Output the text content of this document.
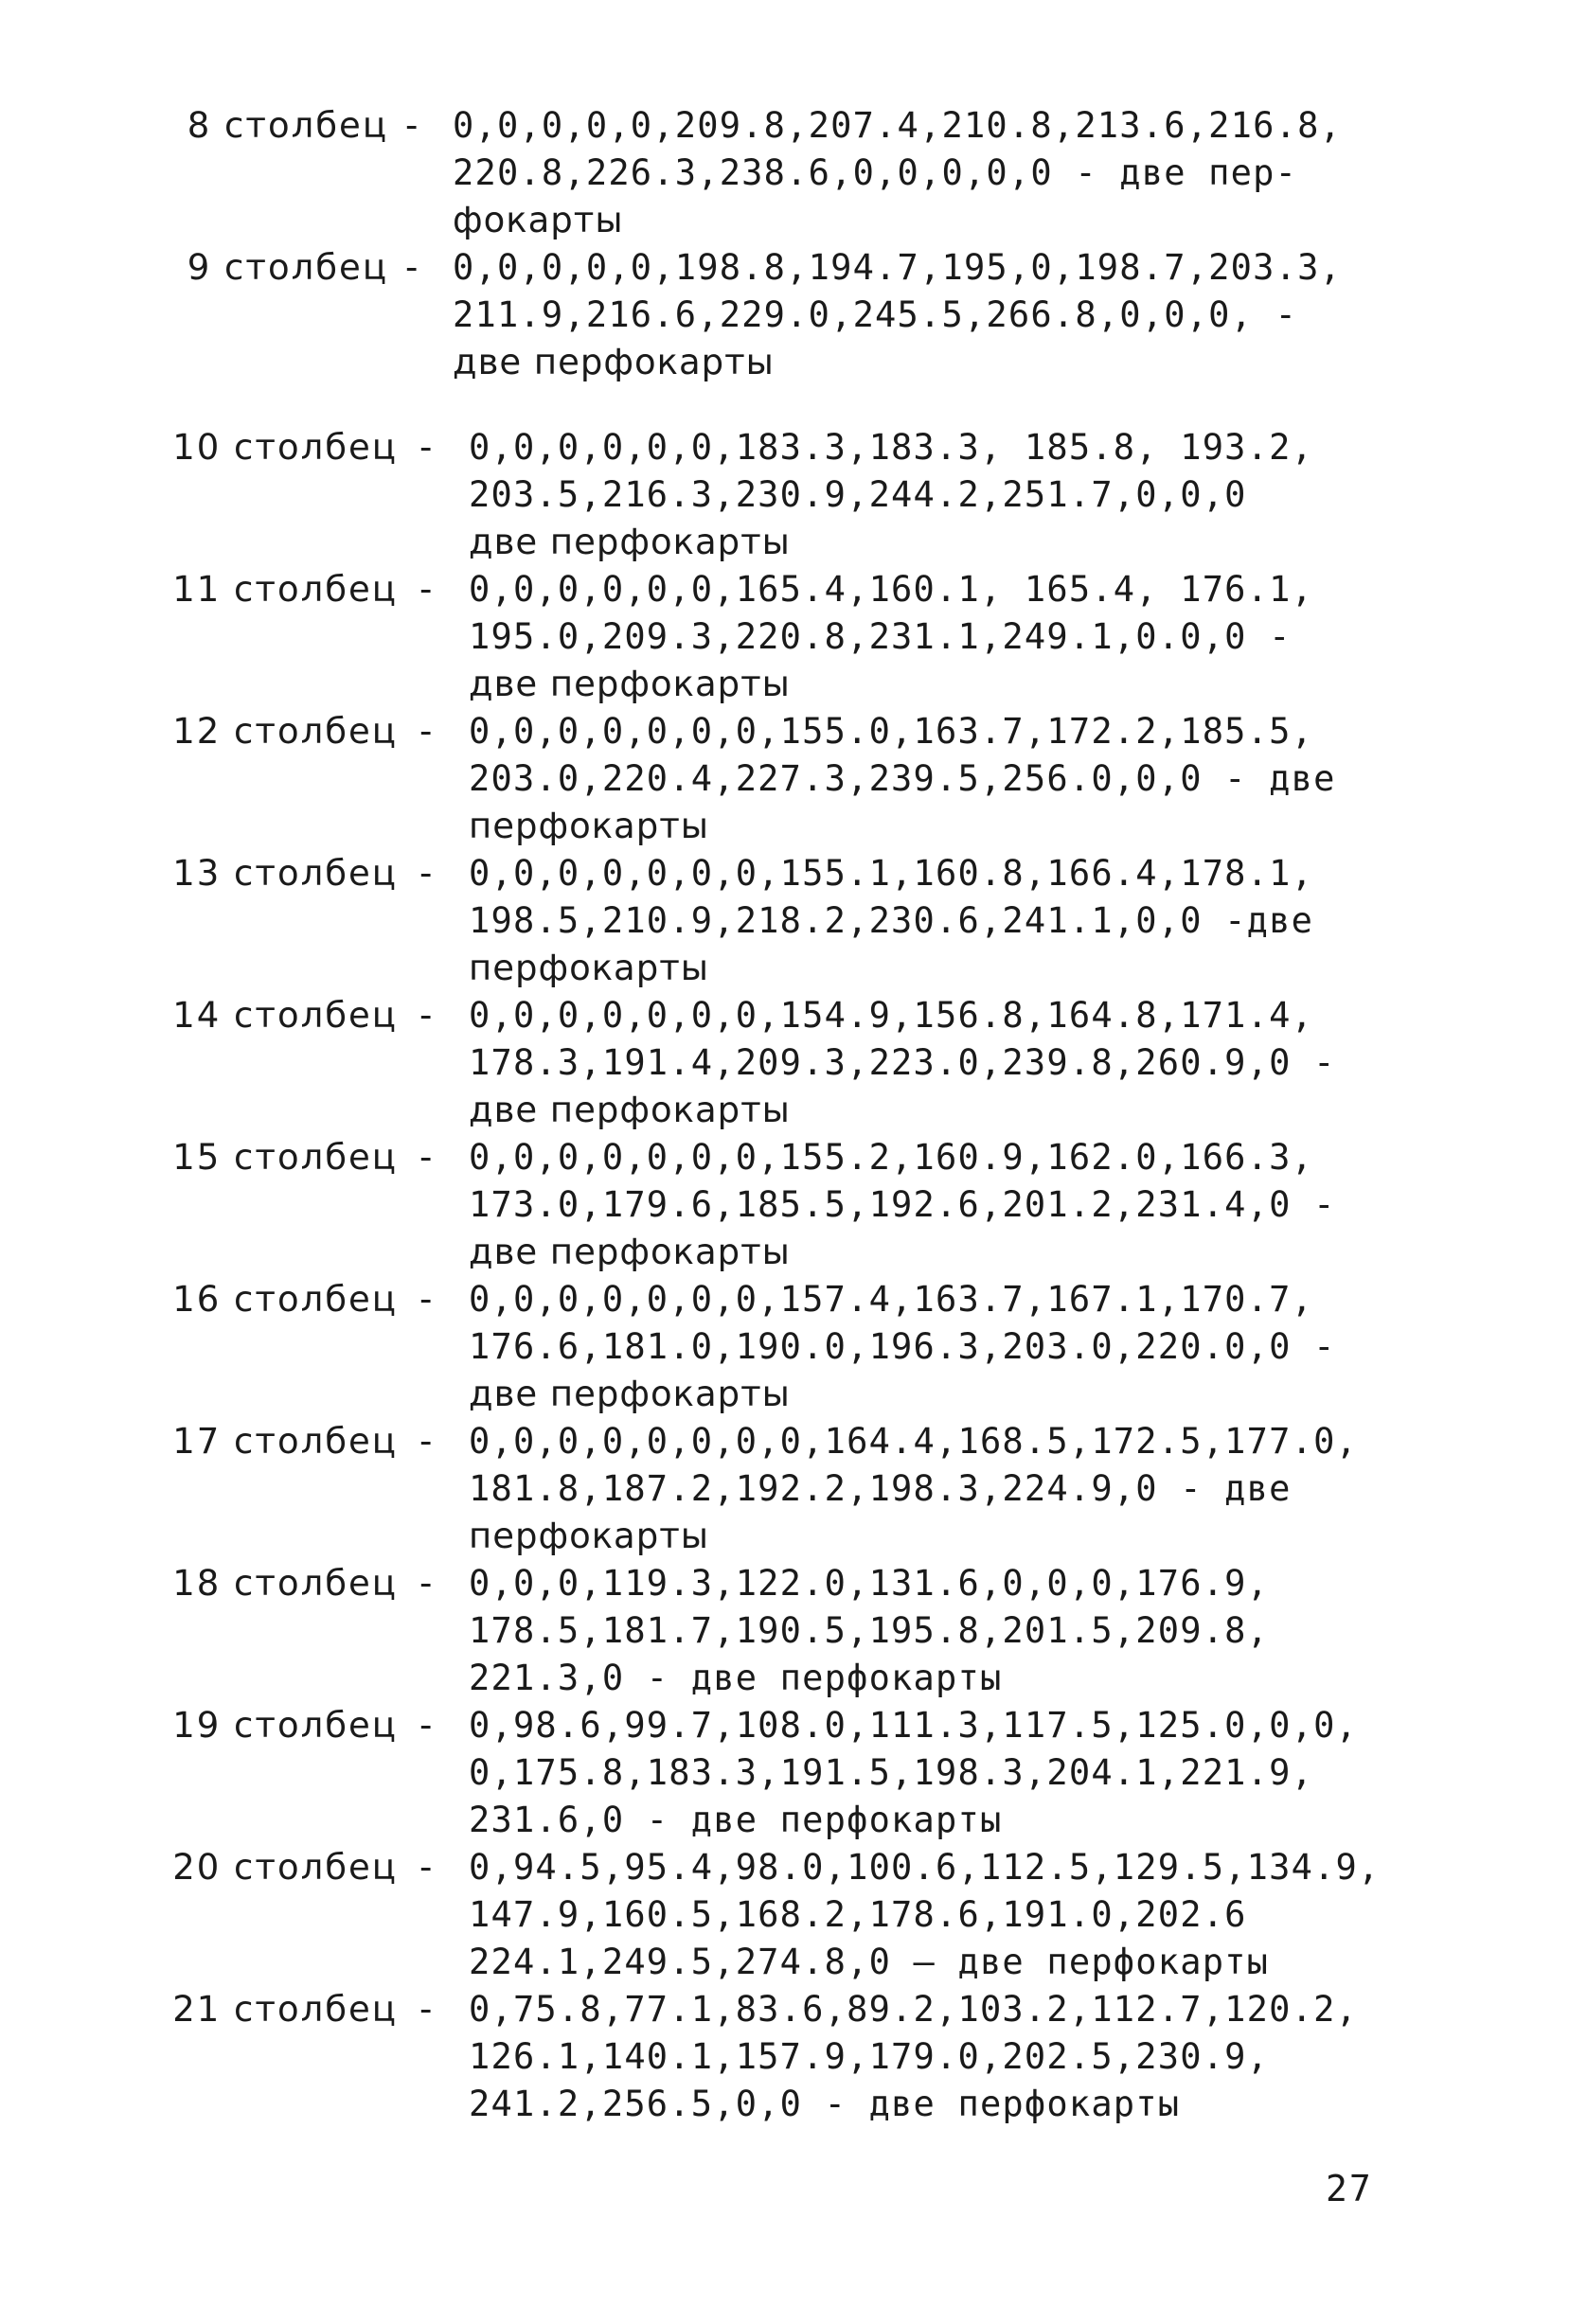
8 столбец - 0,0,0,0,0,209.8,207.4,210.8,213.6,216.8,
220.8,226.3,238.6,0,0,0,0,0 - две пер-
фокарты
9 столбец - 0,0,0,0,0,198.8,194.7,195,0,198.7,203.3,
211.9,216.6,229.0,245.5,266.8,0,0,0, -
две перфокарты
10 столбец - 0,0,0,0,0,0,183.3,183.3, 185.8, 193.2,
203.5,216.3,230.9,244.2,251.7,0,0,0
две перфокарты
11 столбец - 0,0,0,0,0,0,165.4,160.1, 165.4, 176.1,
195.0,209.3,220.8,231.1,249.1,0.0,0 -
две перфокарты
12 столбец - 0,0,0,0,0,0,0,155.0,163.7,172.2,185.5,
203.0,220.4,227.3,239.5,256.0,0,0 - две
перфокарты
13 столбец - 0,0,0,0,0,0,0,155.1,160.8,166.4,178.1,
198.5,210.9,218.2,230.6,241.1,0,0 -две
перфокарты
14 столбец - 0,0,0,0,0,0,0,154.9,156.8,164.8,171.4,
178.3,191.4,209.3,223.0,239.8,260.9,0 -
две перфокарты
15 столбец - 0,0,0,0,0,0,0,155.2,160.9,162.0,166.3,
173.0,179.6,185.5,192.6,201.2,231.4,0 -
две перфокарты
16 столбец - 0,0,0,0,0,0,0,157.4,163.7,167.1,170.7,
176.6,181.0,190.0,196.3,203.0,220.0,0 -
две перфокарты
17 столбец - 0,0,0,0,0,0,0,0,164.4,168.5,172.5,177.0,
181.8,187.2,192.2,198.3,224.9,0 - две
перфокарты
18 столбец - 0,0,0,119.3,122.0,131.6,0,0,0,176.9,
178.5,181.7,190.5,195.8,201.5,209.8,
221.3,0 - две перфокарты
19 столбец - 0,98.6,99.7,108.0,111.3,117.5,125.0,0,0,
0,175.8,183.3,191.5,198.3,204.1,221.9,
231.6,0 - две перфокарты
20 столбец - 0,94.5,95.4,98.0,100.6,112.5,129.5,134.9,
147.9,160.5,168.2,178.6,191.0,202.6
224.1,249.5,274.8,0 — две перфокарты
21 столбец - 0,75.8,77.1,83.6,89.2,103.2,112.7,120.2,
126.1,140.1,157.9,179.0,202.5,230.9,
241.2,256.5,0,0 - две перфокарты
27
